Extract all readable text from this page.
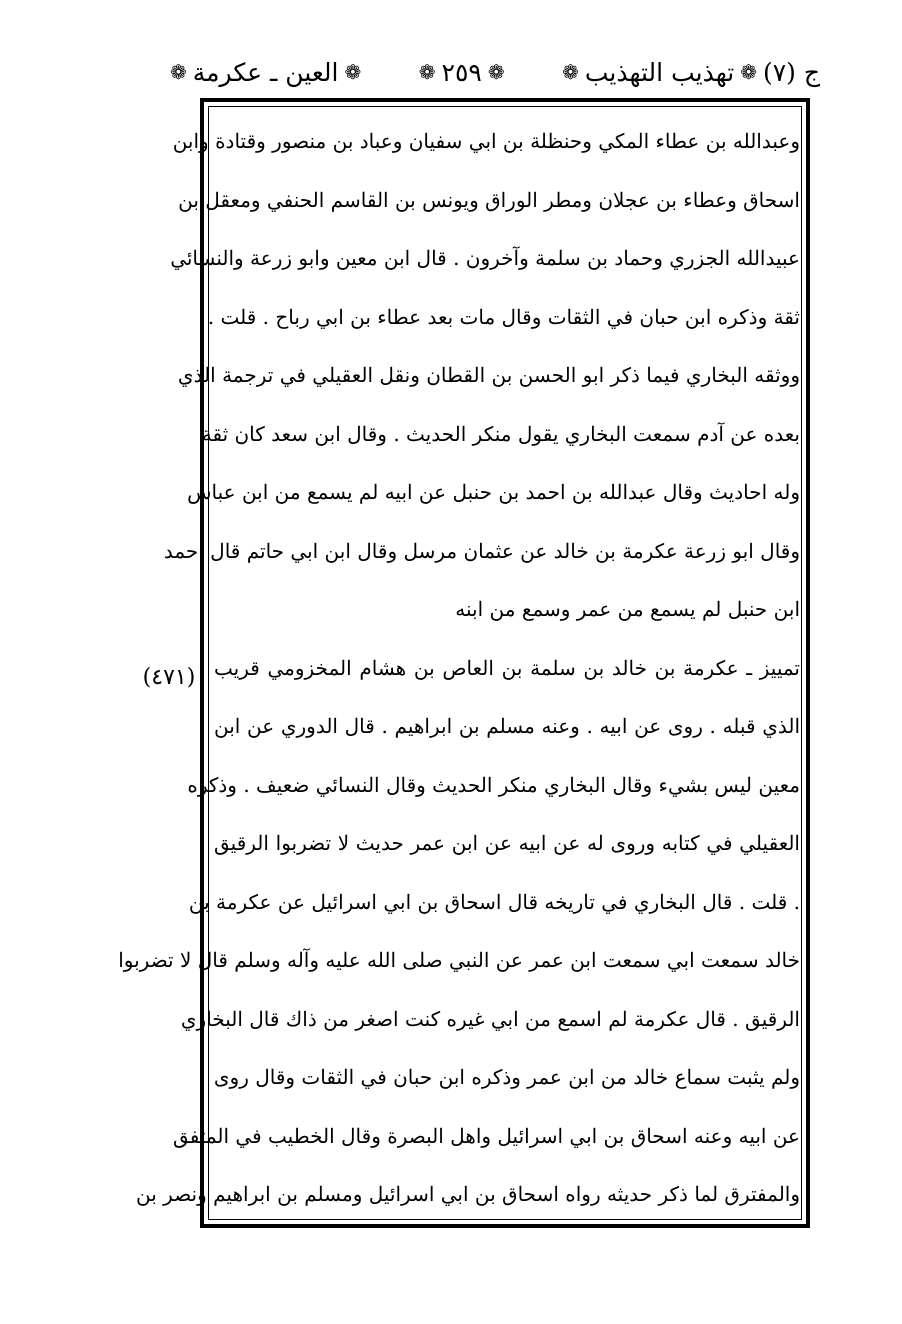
ج (٧)
❁
تهذيب التهذيب
❁
❁
٢٥٩
❁
❁
العين ـ عكرمة
❁
(٤٧١)
وعبدالله بن عطاء المكي وحنظلة بن ابي سفيان وعباد بن منصور وقتادة وابن
اسحاق وعطاء بن عجلان ومطر الوراق ويونس بن القاسم الحنفي ومعقل بن
عبيدالله الجزري وحماد بن سلمة وآخرون . قال ابن معين وابو زرعة والنسائي
ثقة وذكره ابن حبان في الثقات وقال مات بعد عطاء بن ابي رباح . قلت .
ووثقه البخاري فيما ذكر ابو الحسن بن القطان ونقل العقيلي في ترجمة الذي
بعده عن آدم سمعت البخاري يقول منكر الحديث . وقال ابن سعد كان ثقة
وله احاديث وقال عبدالله بن احمد بن حنبل عن ابيه لم يسمع من ابن عباس
وقال ابو زرعة عكرمة بن خالد عن عثمان مرسل وقال ابن ابي حاتم قال احمد
ابن حنبل لم يسمع من عمر وسمع من ابنه
تمييز ـ عكرمة بن خالد بن سلمة بن العاص بن هشام المخزومي قريب
الذي قبله . روى عن ابيه . وعنه مسلم بن ابراهيم . قال الدوري عن ابن
معين ليس بشيء وقال البخاري منكر الحديث وقال النسائي ضعيف . وذكره
العقيلي في كتابه وروى له عن ابيه عن ابن عمر حديث لا تضربوا الرقيق
. قلت . قال البخاري في تاريخه قال اسحاق بن ابي اسرائيل عن عكرمة بن
خالد سمعت ابي سمعت ابن عمر عن النبي صلى الله عليه وآله وسلم قال لا تضربوا
الرقيق . قال عكرمة لم اسمع من ابي غيره كنت اصغر من ذاك قال البخاري
ولم يثبت سماع خالد من ابن عمر وذكره ابن حبان في الثقات وقال روى
عن ابيه وعنه اسحاق بن ابي اسرائيل واهل البصرة وقال الخطيب في المتفق
والمفترق لما ذكر حديثه رواه اسحاق بن ابي اسرائيل ومسلم بن ابراهيم ونصر بن
